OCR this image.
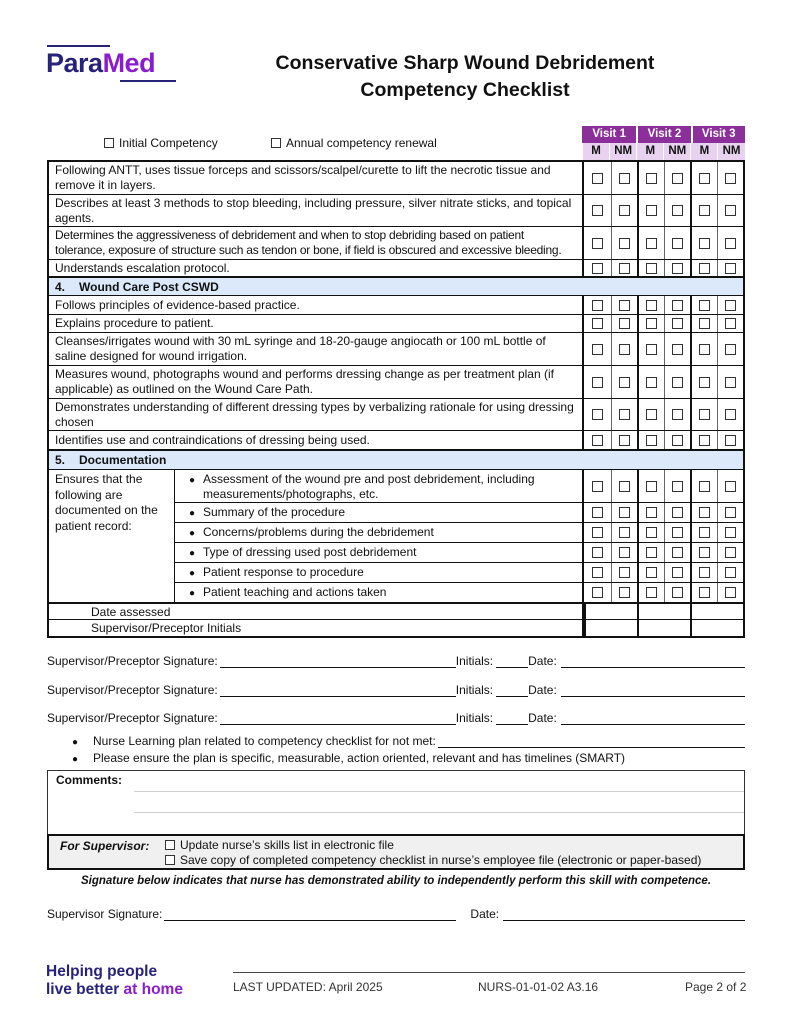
ParaMed	Conservative Sharp Wound Debridement
Competency Checklist
Initial Competency	Annual competency renewal
Visit 1	Visit 2	Visit 3
M	NM	M	NM	M	NM
Following ANTT, uses tissue forceps and scissors/scalpel/curette to lift the necrotic tissue and remove it in layers.
Describes at least 3 methods to stop bleeding, including pressure, silver nitrate sticks, and topical agents.
Determines the aggressiveness of debridement and when to stop debriding based on patient tolerance, exposure of structure such as tendon or bone, if field is obscured and excessive bleeding.
Understands escalation protocol.
4. Wound Care Post CSWD
Follows principles of evidence-based practice.
Explains procedure to patient.
Cleanses/irrigates wound with 30 mL syringe and 18-20-gauge angiocath or 100 mL bottle of saline designed for wound irrigation.
Measures wound, photographs wound and performs dressing change as per treatment plan (if applicable) as outlined on the Wound Care Path.
Demonstrates understanding of different dressing types by verbalizing rationale for using dressing chosen
Identifies use and contraindications of dressing being used.
5. Documentation
Ensures that the following are documented on the patient record:
● Assessment of the wound pre and post debridement, including measurements/photographs, etc.
● Summary of the procedure
● Concerns/problems during the debridement
● Type of dressing used post debridement
● Patient response to procedure
● Patient teaching and actions taken
Date assessed
Supervisor/Preceptor Initials
Supervisor/Preceptor Signature:	Initials:	Date:
Supervisor/Preceptor Signature:	Initials:	Date:
Supervisor/Preceptor Signature:	Initials:	Date:
●	Nurse Learning plan related to competency checklist for not met:
●	Please ensure the plan is specific, measurable, action oriented, relevant and has timelines (SMART)
Comments:
For Supervisor:	Update nurse’s skills list in electronic file
Save copy of completed competency checklist in nurse’s employee file (electronic or paper-based)
Signature below indicates that nurse has demonstrated ability to independently perform this skill with competence.
Supervisor Signature:	Date:
Helping people
live better at home	LAST UPDATED: April 2025	NURS-01-01-02 A3.16	Page 2 of 2
